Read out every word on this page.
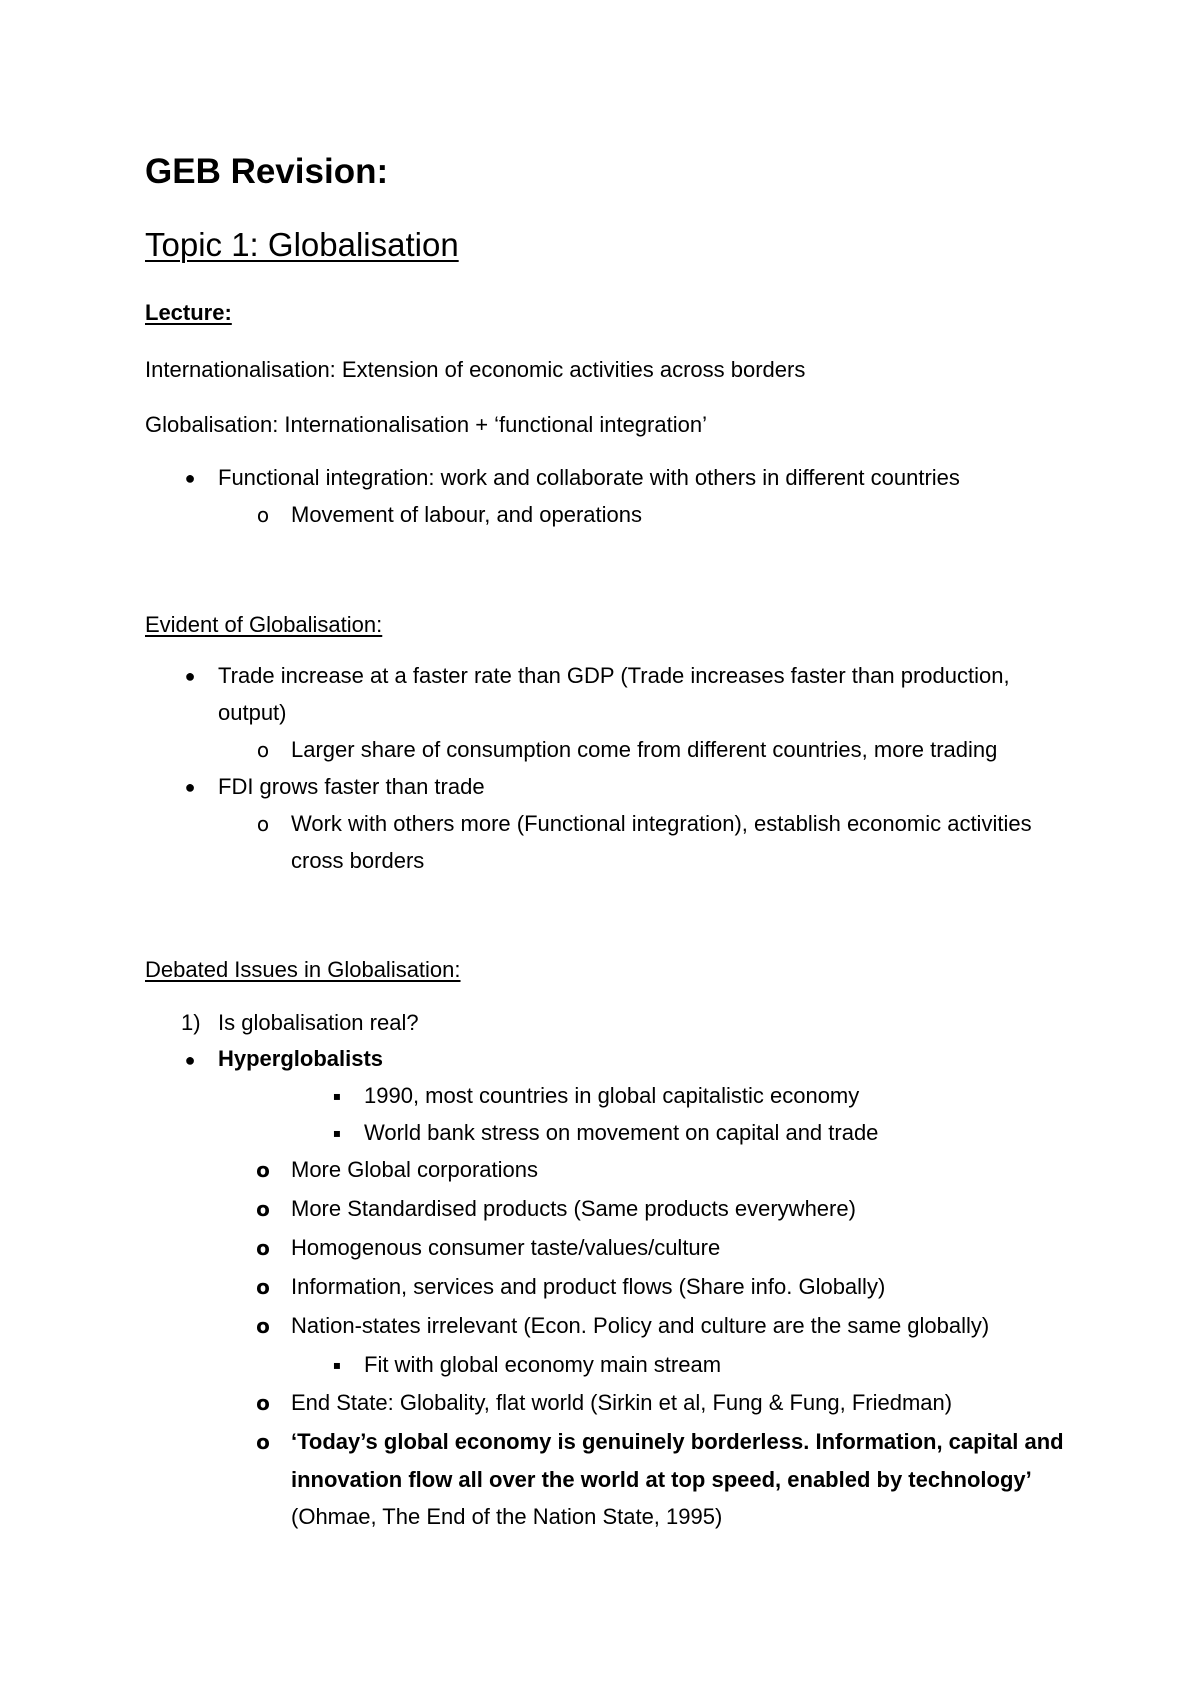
GEB Revision:
Topic 1: Globalisation
Lecture:
Internationalisation: Extension of economic activities across borders
Globalisation: Internationalisation + ‘functional integration’
● Functional integration: work and collaborate with others in different countries
o Movement of labour, and operations
Evident of Globalisation:
● Trade increase at a faster rate than GDP (Trade increases faster than production,
output)
o Larger share of consumption come from different countries, more trading
● FDI grows faster than trade
o Work with others more (Functional integration), establish economic activities
cross borders
Debated Issues in Globalisation:
1) Is globalisation real?
● Hyperglobalists
▪ 1990, most countries in global capitalistic economy
▪ World bank stress on movement on capital and trade
o More Global corporations
o More Standardised products (Same products everywhere)
o Homogenous consumer taste/values/culture
o Information, services and product flows (Share info. Globally)
o Nation-states irrelevant (Econ. Policy and culture are the same globally)
▪ Fit with global economy main stream
o End State: Globality, flat world (Sirkin et al, Fung & Fung, Friedman)
o ‘Today’s global economy is genuinely borderless. Information, capital and
innovation flow all over the world at top speed, enabled by technology’
(Ohmae, The End of the Nation State, 1995)
